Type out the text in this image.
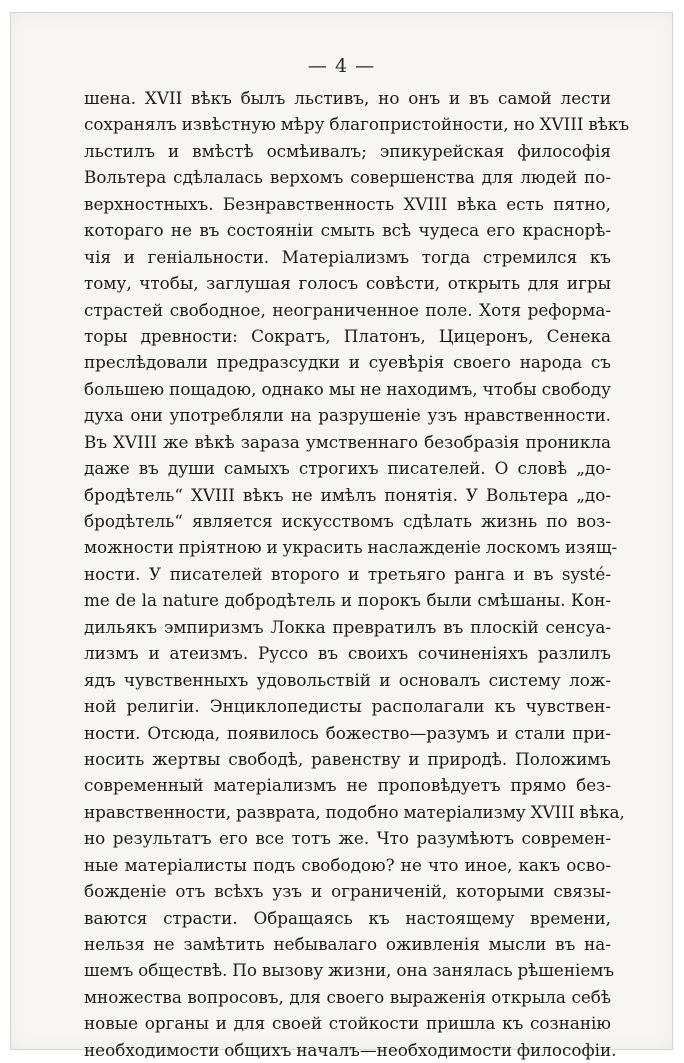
— 4 —
шена. XVII вѣкъ былъ льстивъ, но онъ и въ самой лести
сохранялъ извѣстную мѣру благопристойности, но XVIII вѣкъ
льстилъ и вмѣстѣ осмѣивалъ; эпикурейская философія
Вольтера сдѣлалась верхомъ совершенства для людей по-
верхностныхъ. Безнравственность XVIII вѣка есть пятно,
котораго не въ состояніи смыть всѣ чудеса его краснорѣ-
чія и геніальности. Матеріализмъ тогда стремился къ
тому, чтобы, заглушая голосъ совѣсти, открыть для игры
страстей свободное, неограниченное поле. Хотя реформа-
торы древности: Сократъ, Платонъ, Цицеронъ, Сенека
преслѣдовали предразсудки и суевѣрія своего народа съ
большею пощадою, однако мы не находимъ, чтобы свободу
духа они употребляли на разрушеніе узъ нравственности.
Въ XVIII же вѣкѣ зараза умственнаго безобразія проникла
даже въ души самыхъ строгихъ писателей. О словѣ „до-
бродѣтель“ XVIII вѣкъ не имѣлъ понятія. У Вольтера „до-
бродѣтель“ является искусствомъ сдѣлать жизнь по воз-
можности пріятною и украсить наслажденіе лоскомъ изящ-
ности. У писателей второго и третьяго ранга и въ systé-
me de la nature добродѣтель и порокъ были смѣшаны. Кон-
дильякъ эмпиризмъ Локка превратилъ въ плоскій сенсуа-
лизмъ и атеизмъ. Руссо въ своихъ сочиненіяхъ разлилъ
ядъ чувственныхъ удовольствій и основалъ систему лож-
ной религіи. Энциклопедисты располагали къ чувствен-
ности. Отсюда, появилось божество—разумъ и стали при-
носить жертвы свободѣ, равенству и природѣ. Положимъ
современный матеріализмъ не проповѣдуетъ прямо без-
нравственности, разврата, подобно матеріализму XVIII вѣка,
но результатъ его все тотъ же. Что разумѣютъ современ-
ные матеріалисты подъ свободою? не что иное, какъ осво-
божденіе отъ всѣхъ узъ и ограниченій, которыми связы-
ваются страсти. Обращаясь къ настоящему времени,
нельзя не замѣтить небывалаго оживленія мысли въ на-
шемъ обществѣ. По вызову жизни, она занялась рѣшеніемъ
множества вопросовъ, для своего выраженія открыла себѣ
новые органы и для своей стойкости пришла къ сознанію
необходимости общихъ началъ—необходимости философіи.
